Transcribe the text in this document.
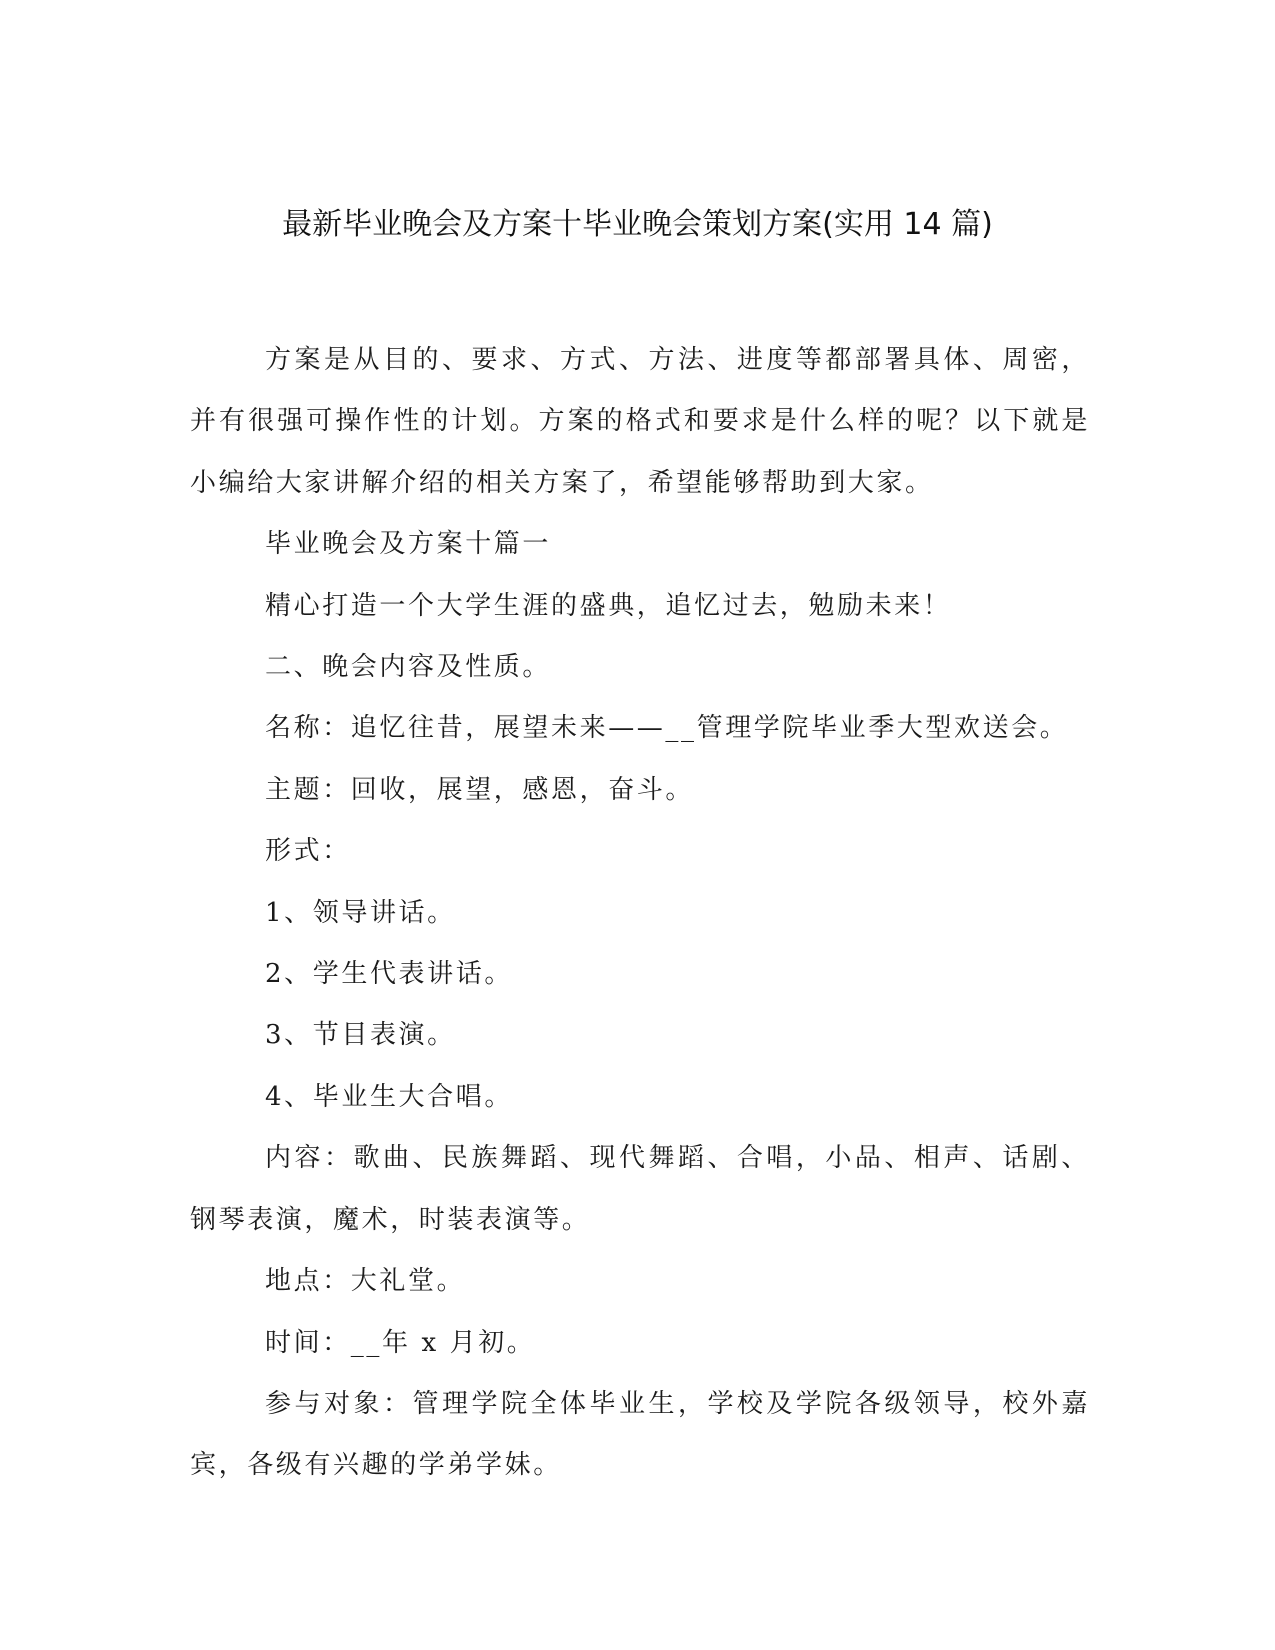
最新毕业晚会及方案十毕业晚会策划方案(实用 14 篇)

方案是从目的、要求、方式、方法、进度等都部署具体、周密，并有很强可操作性的计划。方案的格式和要求是什么样的呢？以下就是小编给大家讲解介绍的相关方案了，希望能够帮助到大家。

毕业晚会及方案十篇一

精心打造一个大学生涯的盛典，追忆过去，勉励未来！

二、晚会内容及性质。

名称：追忆往昔，展望未来——__管理学院毕业季大型欢送会。

主题：回收，展望，感恩，奋斗。

形式：

1、领导讲话。

2、学生代表讲话。

3、节目表演。

4、毕业生大合唱。

内容：歌曲、民族舞蹈、现代舞蹈、合唱，小品、相声、话剧、钢琴表演，魔术，时装表演等。

地点：大礼堂。

时间：__年 x 月初。

参与对象：管理学院全体毕业生，学校及学院各级领导，校外嘉宾，各级有兴趣的学弟学妹。
